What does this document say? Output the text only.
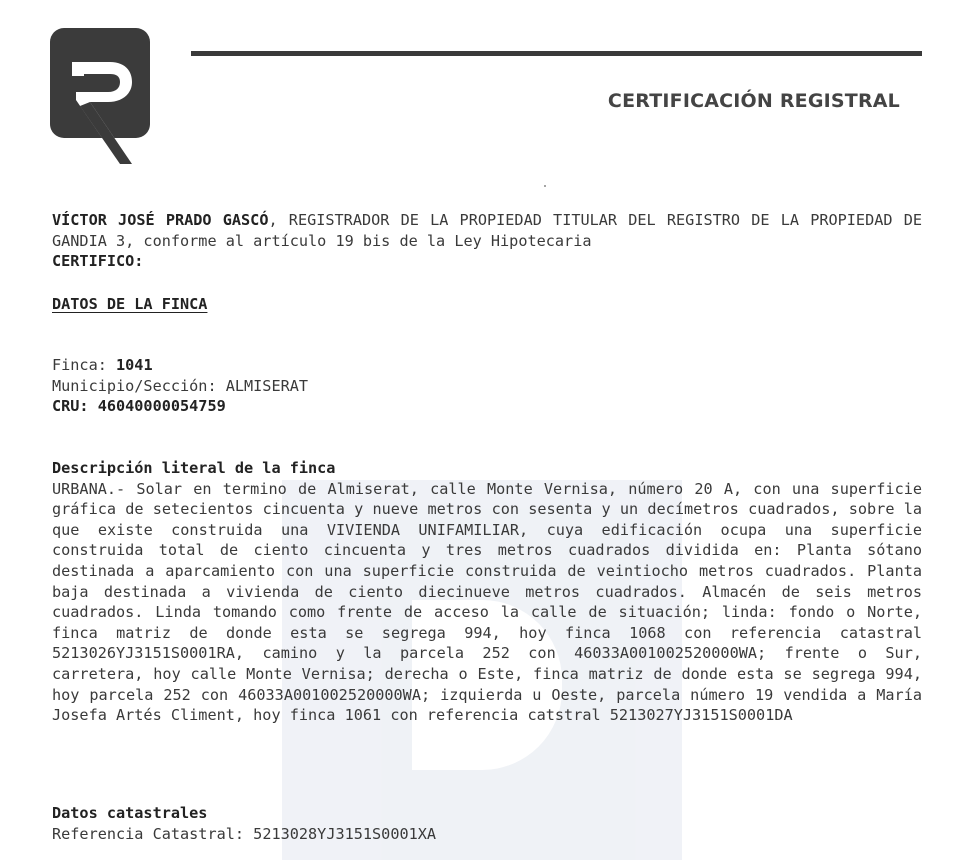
CERTIFICACIÓN REGISTRAL

VÍCTOR JOSÉ PRADO GASCÓ, REGISTRADOR DE LA PROPIEDAD TITULAR DEL REGISTRO DE LA PROPIEDAD DE GANDIA 3, conforme al artículo 19 bis de la Ley Hipotecaria

CERTIFICO:
DATOS DE LA FINCA

Finca: 1041

Municipio/Sección: ALMISERAT

CRU: 46040000054759

Descripción literal de la finca

URBANA.- Solar en termino de Almiserat, calle Monte Vernisa, número 20 A, con una superficie gráfica de setecientos cincuenta y nueve metros con sesenta y un decímetros cuadrados, sobre la que existe construida una VIVIENDA UNIFAMILIAR, cuya edificación ocupa una superficie construida total de ciento cincuenta y tres metros cuadrados dividida en: Planta sótano destinada a aparcamiento con una superficie construida de veintiocho metros cuadrados. Planta baja destinada a vivienda de ciento diecinueve metros cuadrados. Almacén de seis metros cuadrados. Linda tomando como frente de acceso la calle de situación; linda: fondo o Norte, finca matriz de donde esta se segrega 994, hoy finca 1068 con referencia catastral 5213026YJ3151S0001RA, camino y la parcela 252 con 46033A001002520000WA; frente o Sur, carretera, hoy calle Monte Vernisa; derecha o Este, finca matriz de donde esta se segrega 994, hoy parcela 252 con 46033A001002520000WA; izquierda u Oeste, parcela número 19 vendida a María Josefa Artés Climent, hoy finca 1061 con referencia catstral 5213027YJ3151S0001DA

Datos catastrales

Referencia Catastral: 5213028YJ3151S0001XA
